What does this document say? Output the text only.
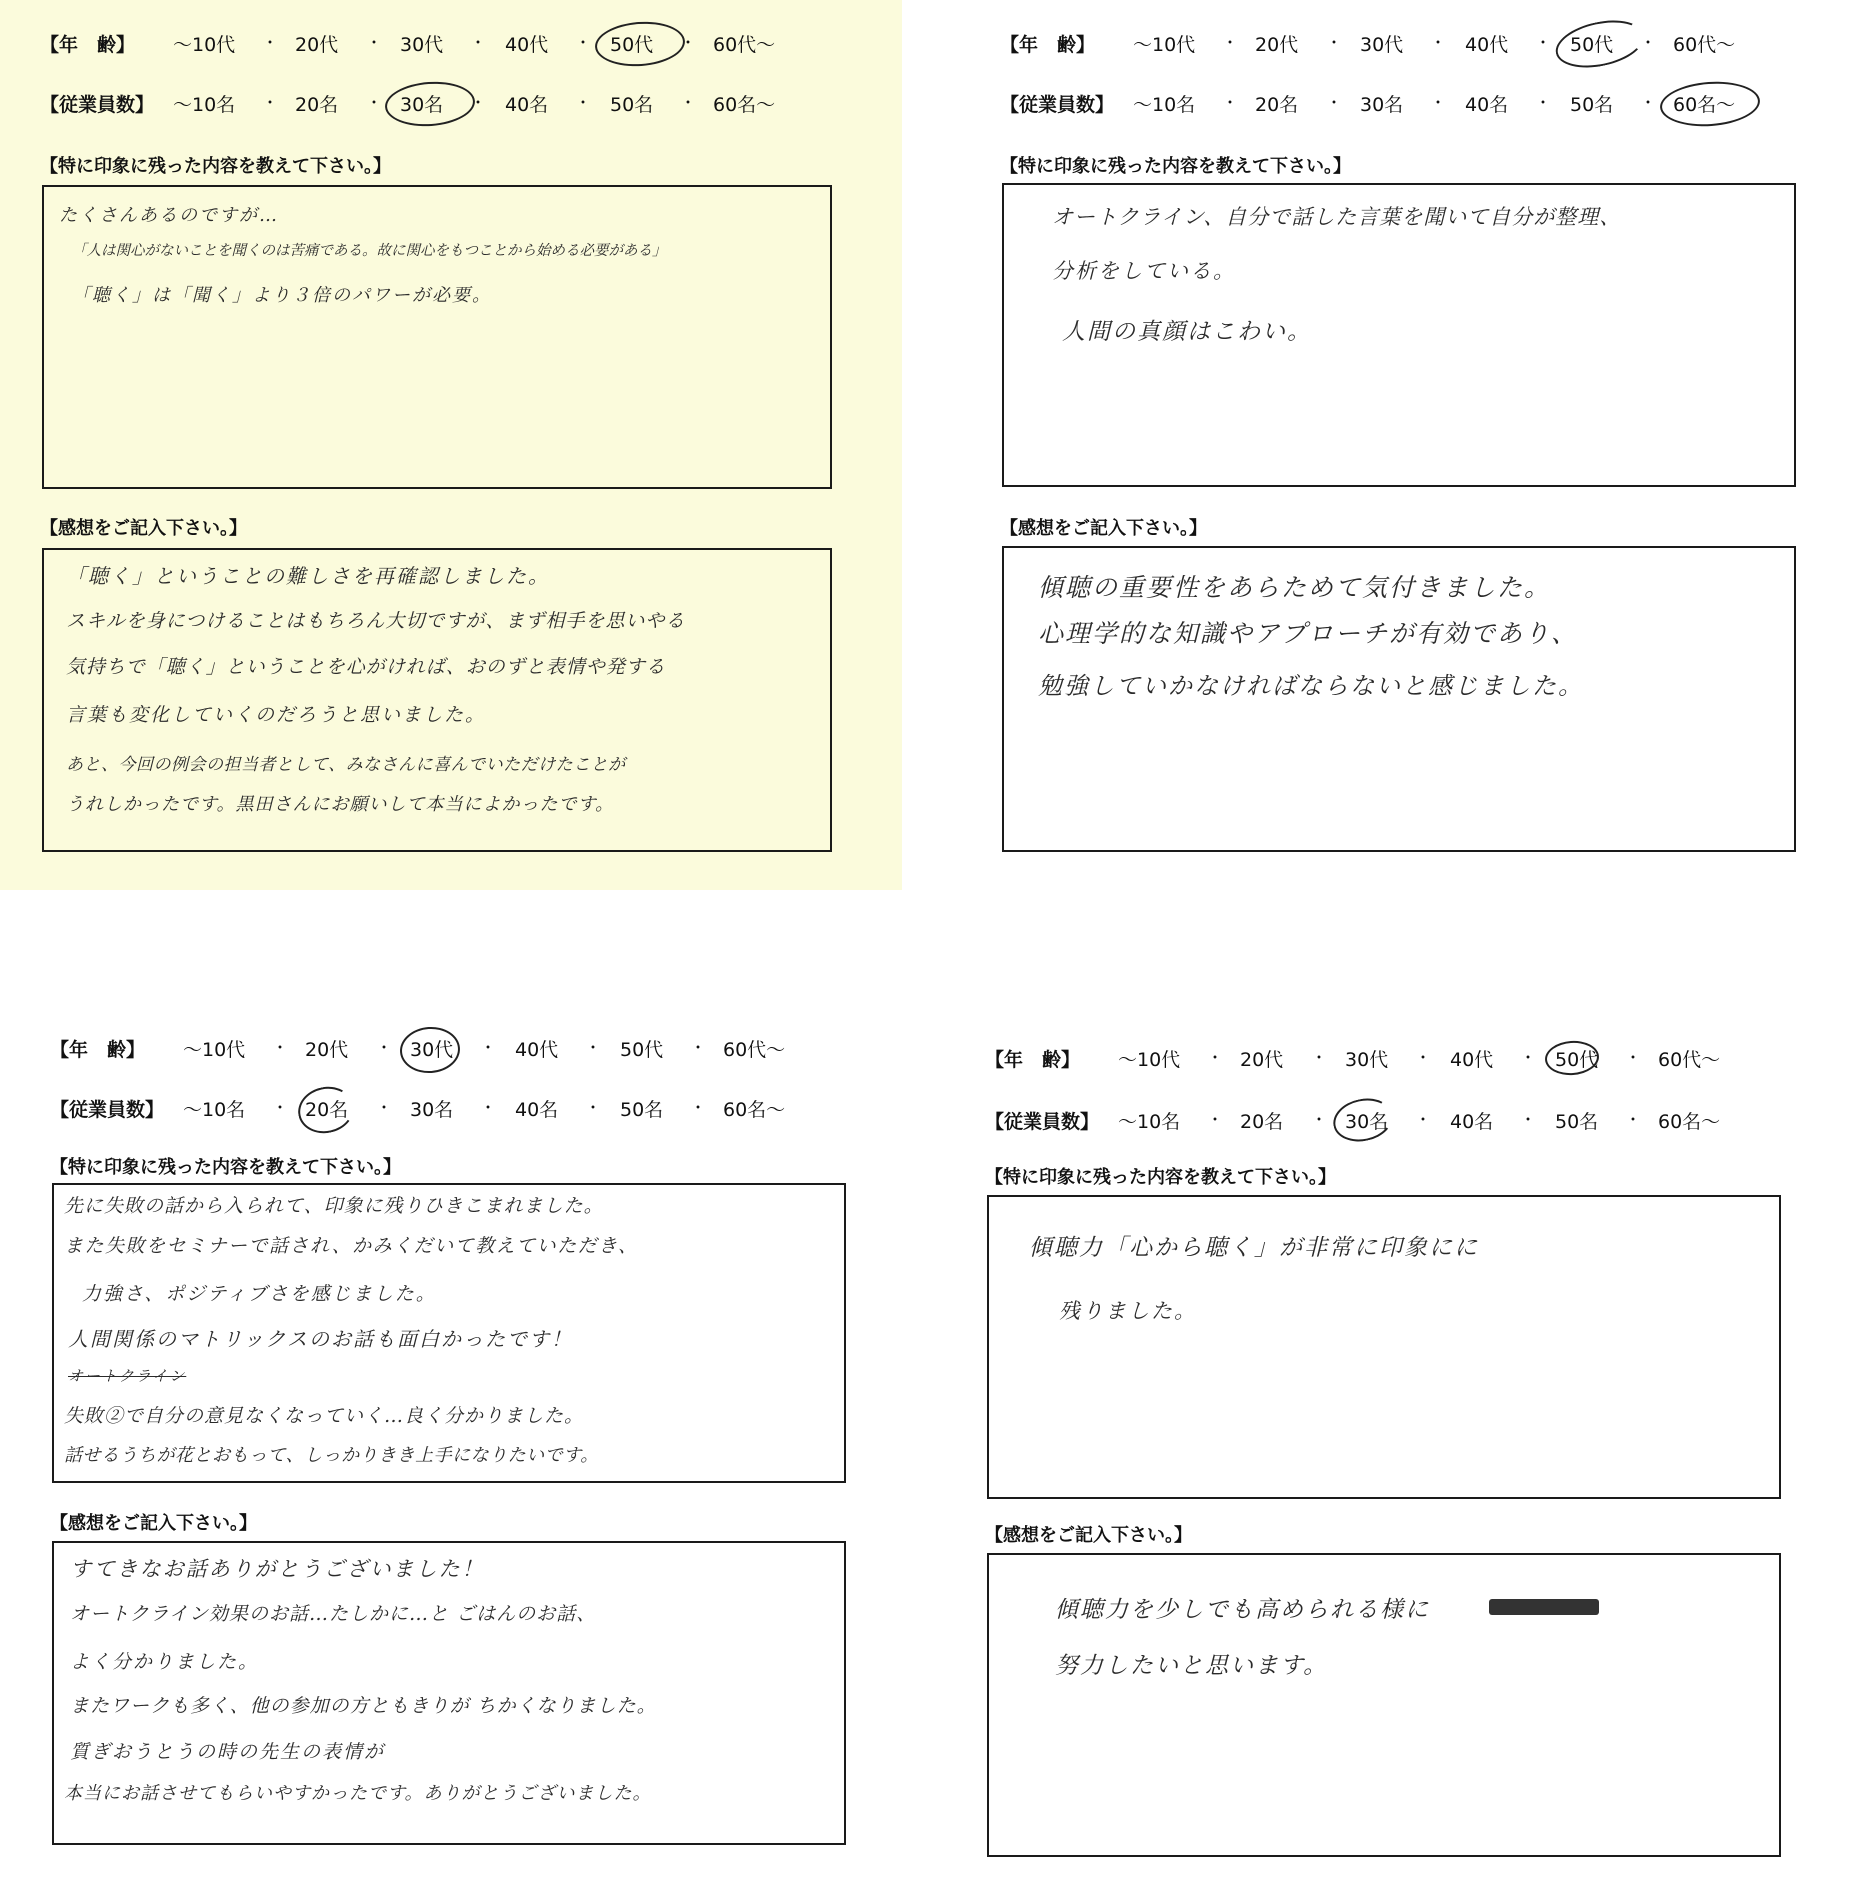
【年　齢】 ～10代 ・ 20代 ・ 30代 ・ 40代 ・ 50代 ・ 60代～
【従業員数】 ～10名 ・ 20名 ・ 30名 ・ 40名 ・ 50名 ・ 60名～
【特に印象に残った内容を教えて下さい。】
たくさんあるのですが…
「人は関心がないことを聞くのは苦痛である。故に関心をもつことから始める必要がある」
「聴く」は「聞く」より３倍のパワーが必要。
【感想をご記入下さい。】
「聴く」ということの難しさを再確認しました。
スキルを身につけることはもちろん大切ですが、まず相手を思いやる
気持ちで「聴く」ということを心がければ、おのずと表情や発する
言葉も変化していくのだろうと思いました。
あと、今回の例会の担当者として、みなさんに喜んでいただけたことが
うれしかったです。黒田さんにお願いして本当によかったです。
【年　齢】 ～10代 ・ 20代 ・ 30代 ・ 40代 ・ 50代 ・ 60代～
【従業員数】 ～10名 ・ 20名 ・ 30名 ・ 40名 ・ 50名 ・ 60名～
【特に印象に残った内容を教えて下さい。】
オートクライン、自分で話した言葉を聞いて自分が整理、
分析をしている。
人間の真顔はこわい。
【感想をご記入下さい。】
傾聴の重要性をあらためて気付きました。
心理学的な知識やアプローチが有効であり、
勉強していかなければならないと感じました。
【年　齢】 ～10代 ・ 20代 ・ 30代 ・ 40代 ・ 50代 ・ 60代～
【従業員数】 ～10名 ・ 20名 ・ 30名 ・ 40名 ・ 50名 ・ 60名～
【特に印象に残った内容を教えて下さい。】
先に失敗の話から入られて、印象に残りひきこまれました。
また失敗をセミナーで話され、かみくだいて教えていただき、
力強さ、ポジティブさを感じました。
人間関係のマトリックスのお話も面白かったです！
オートクライン
失敗②で自分の意見なくなっていく…良く分かりました。
話せるうちが花とおもって、しっかりきき上手になりたいです。
【感想をご記入下さい。】
すてきなお話ありがとうございました！
オートクライン効果のお話…たしかに…と ごはんのお話、
よく分かりました。
またワークも多く、他の参加の方ともきりが ちかくなりました。
質ぎおうとうの時の先生の表情が
本当にお話させてもらいやすかったです。ありがとうございました。
【年　齢】 ～10代 ・ 20代 ・ 30代 ・ 40代 ・ 50代 ・ 60代～
【従業員数】 ～10名 ・ 20名 ・ 30名 ・ 40名 ・ 50名 ・ 60名～
【特に印象に残った内容を教えて下さい。】
傾聴力「心から聴く」が非常に印象にに
残りました。
【感想をご記入下さい。】
傾聴力を少しでも高められる様に
努力したいと思います。
